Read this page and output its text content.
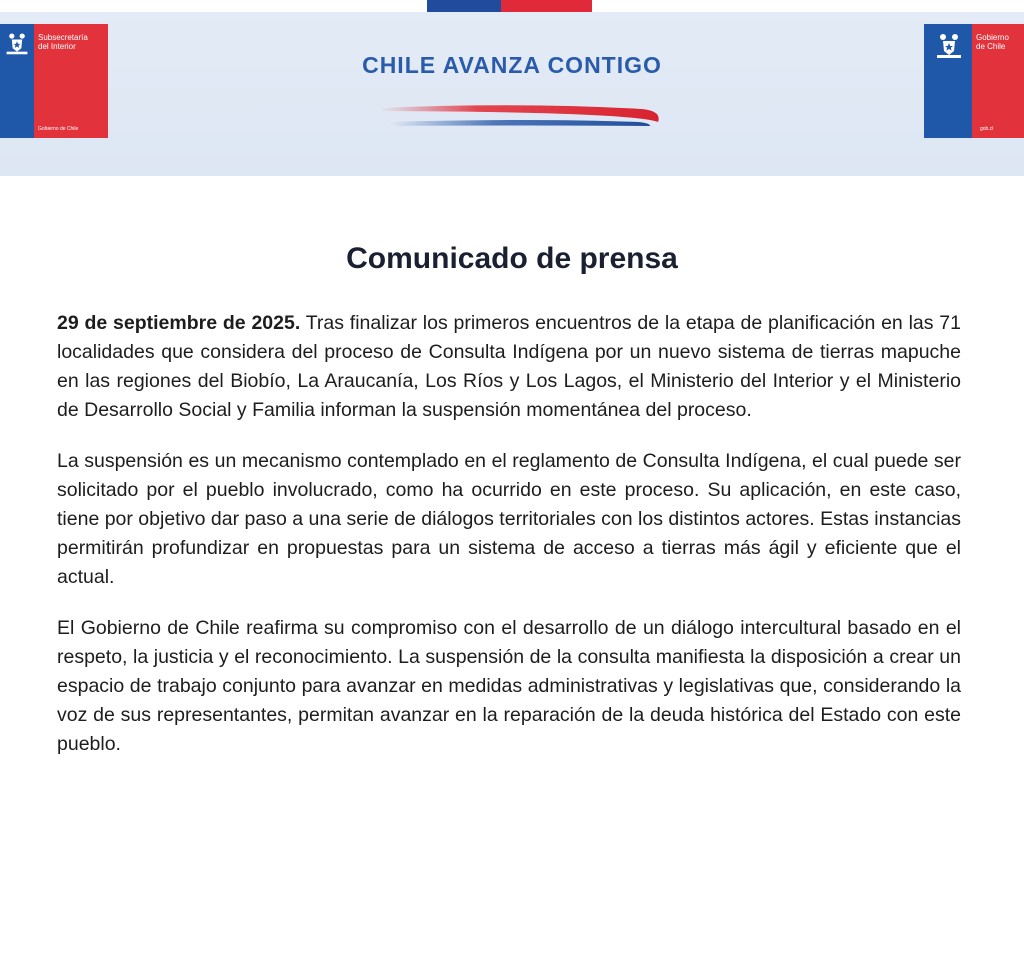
Subsecretaría
del Interior
Gobierno de Chile
CHILE AVANZA CONTIGO
Gobierno
de Chile
gob.cl
Comunicado de prensa

29 de septiembre de 2025. Tras finalizar los primeros encuentros de la etapa de planificación en las 71 localidades que considera del proceso de Consulta Indígena por un nuevo sistema de tierras mapuche en las regiones del Biobío, La Araucanía, Los Ríos y Los Lagos, el Ministerio del Interior y el Ministerio de Desarrollo Social y Familia informan la suspensión momentánea del proceso.

La suspensión es un mecanismo contemplado en el reglamento de Consulta Indígena, el cual puede ser solicitado por el pueblo involucrado, como ha ocurrido en este proceso. Su aplicación, en este caso, tiene por objetivo dar paso a una serie de diálogos territoriales con los distintos actores. Estas instancias permitirán profundizar en propuestas para un sistema de acceso a tierras más ágil y eficiente que el actual.

El Gobierno de Chile reafirma su compromiso con el desarrollo de un diálogo intercultural basado en el respeto, la justicia y el reconocimiento. La suspensión de la consulta manifiesta la disposición a crear un espacio de trabajo conjunto para avanzar en medidas administrativas y legislativas que, considerando la voz de sus representantes, permitan avanzar en la reparación de la deuda histórica del Estado con este pueblo.
